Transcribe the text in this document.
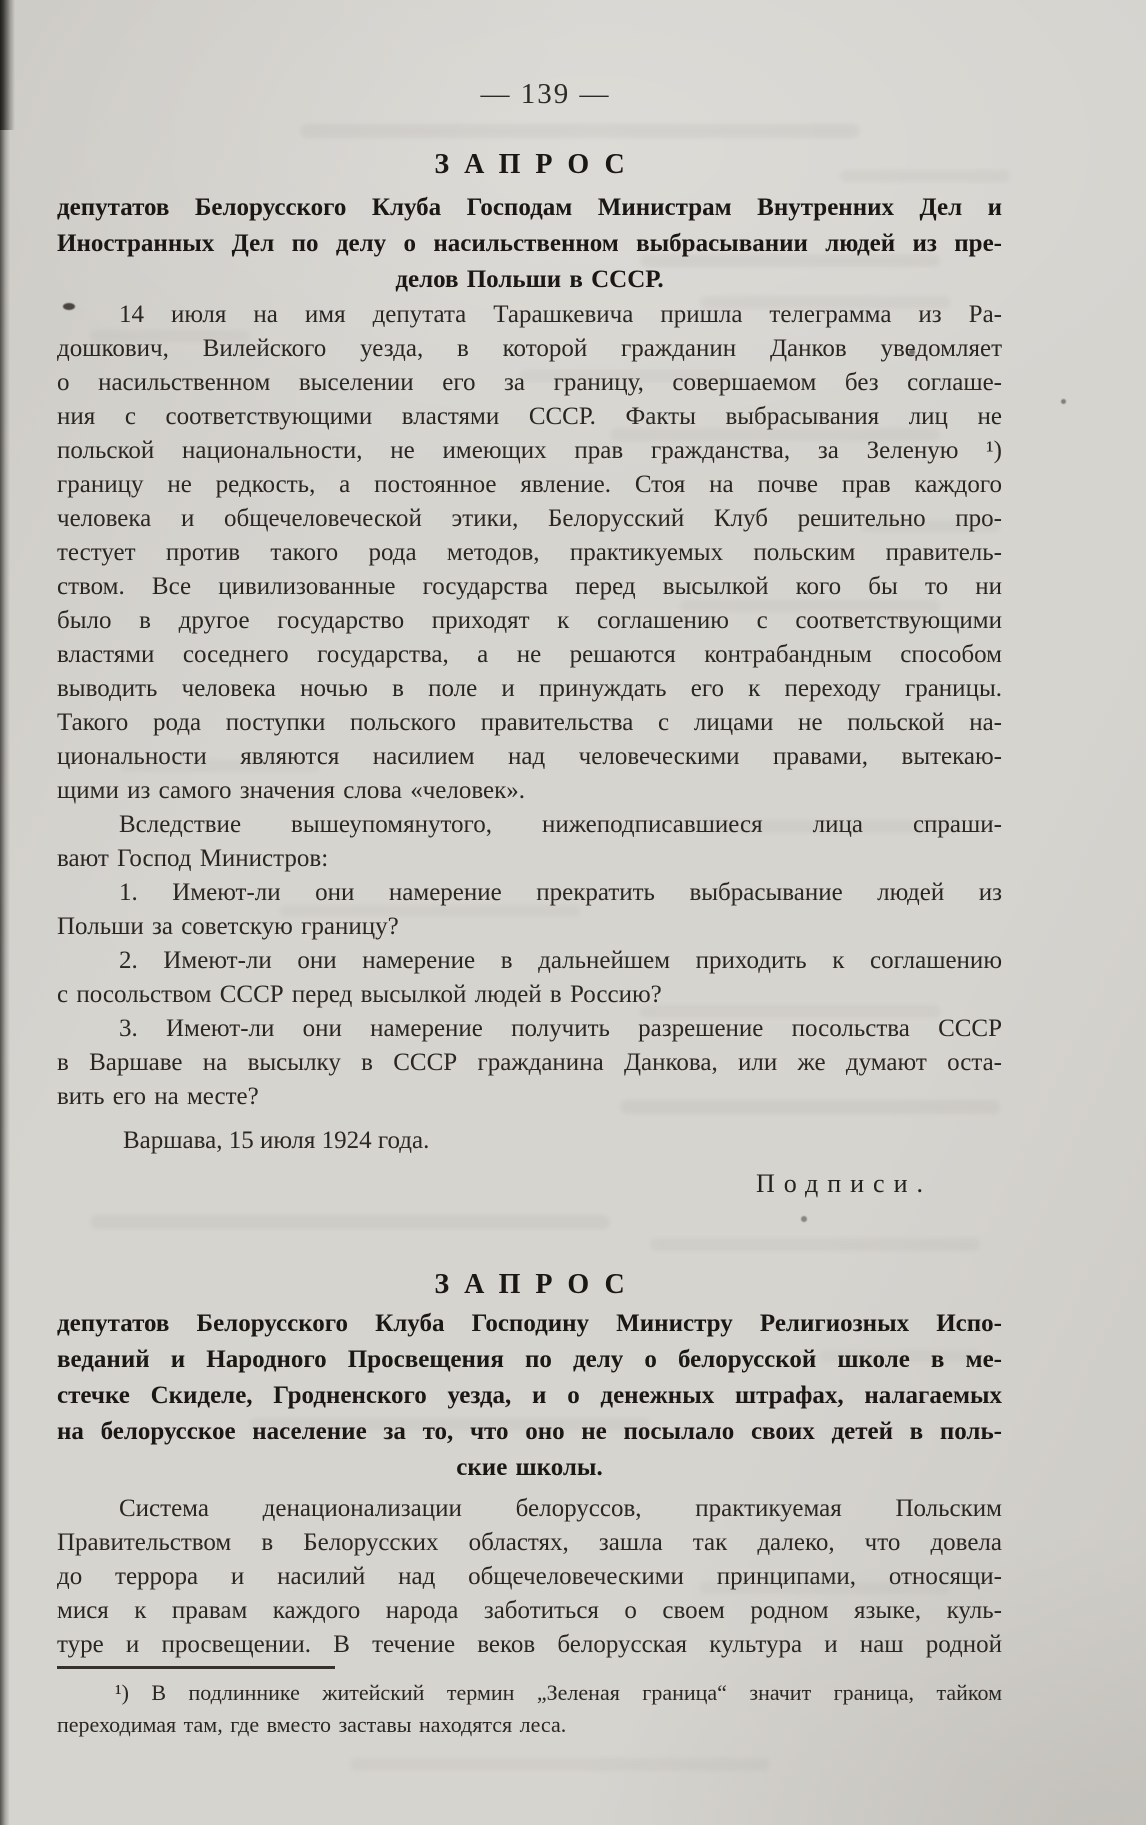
— 139 —
ЗАПРОС
депутатов Белорусского Клуба Господам Министрам Внутренних Дел и
Иностранных Дел по делу о насильственном выбрасывании людей из пре-
делов Польши в СССР.
14 июля на имя депутата Тарашкевича пришла телеграмма из Ра-
дошкович, Вилейского уезда, в которой гражданин Данков уведомляет
о насильственном выселении его за границу, совершаемом без соглаше-
ния с соответствующими властями СССР. Факты выбрасывания лиц не
польской национальности, не имеющих прав гражданства, за Зеленую ¹)
границу не редкость, а постоянное явление. Стоя на почве прав каждого
человека и общечеловеческой этики, Белорусский Клуб решительно про-
тестует против такого рода методов, практикуемых польским правитель-
ством. Все цивилизованные государства перед высылкой кого бы то ни
было в другое государство приходят к соглашению с соответствующими
властями соседнего государства, а не решаются контрабандным способом
выводить человека ночью в поле и принуждать его к переходу границы.
Такого рода поступки польского правительства с лицами не польской на-
циональности являются насилием над человеческими правами, вытекаю-
щими из самого значения слова «человек».
Вследствие вышеупомянутого, нижеподписавшиеся лица спраши-
вают Господ Министров:
1. Имеют-ли они намерение прекратить выбрасывание людей из
Польши за советскую границу?
2. Имеют-ли они намерение в дальнейшем приходить к соглашению
с посольством СССР перед высылкой людей в Россию?
3. Имеют-ли они намерение получить разрешение посольства СССР
в Варшаве на высылку в СССР гражданина Данкова, или же думают оста-
вить его на месте?
Варшава, 15 июля 1924 года.
Подписи.
ЗАПРОС
депутатов Белорусского Клуба Господину Министру Религиозных Испо-
веданий и Народного Просвещения по делу о белорусской школе в ме-
стечке Скиделе, Гродненского уезда, и о денежных штрафах, налагаемых
на белорусское население за то, что оно не посылало своих детей в поль-
ские школы.
Система денационализации белоруссов, практикуемая Польским
Правительством в Белорусских областях, зашла так далеко, что довела
до террора и насилий над общечеловеческими принципами, относящи-
мися к правам каждого народа заботиться о своем родном языке, куль-
туре и просвещении. В течение веков белорусская культура и наш родной
¹) В подлиннике житейский термин „Зеленая граница“ значит граница, тайком
переходимая там, где вместо заставы находятся леса.
